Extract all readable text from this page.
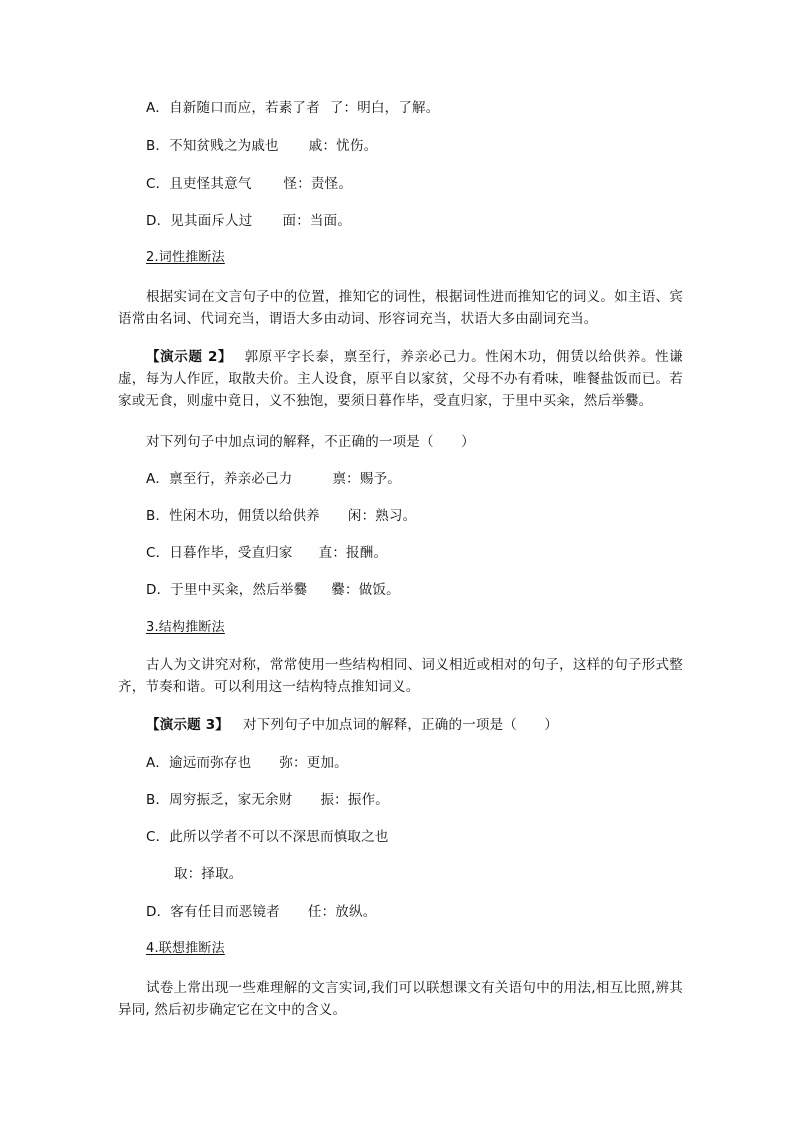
A．自新随口而应，若素了者 了：明白，了解。
B．不知贫贱之为戚也 戚：忧伤。
C．且吏怪其意气 怪：责怪。
D．见其面斥人过 面：当面。
2.词性推断法
根据实词在文言句子中的位置，推知它的词性，根据词性进而推知它的词义。如主语、宾语常由名词、代词充当，谓语大多由动词、形容词充当，状语大多由副词充当。
【演示题 2】 郭原平字长泰，禀至行，养亲必己力。性闲木功，佣赁以给供养。性谦虚，每为人作匠，取散夫价。主人设食，原平自以家贫，父母不办有肴味，唯餐盐饭而已。若家或无食，则虚中竟日，义不独饱，要须日暮作毕，受直归家，于里中买籴，然后举爨。
对下列句子中加点词的解释，不正确的一项是（　　）
A．禀至行，养亲必己力	禀：赐予。
B．性闲木功，佣赁以给供养 闲：熟习。
C．日暮作毕，受直归家 直：报酬。
D．于里中买籴，然后举爨 爨：做饭。
3.结构推断法
古人为文讲究对称，常常使用一些结构相同、词义相近或相对的句子，这样的句子形式整齐，节奏和谐。可以利用这一结构特点推知词义。
【演示题 3】 对下列句子中加点词的解释，正确的一项是（　　）
A．逾远而弥存也 弥：更加。
B．周穷振乏，家无余财 振：振作。
C．此所以学者不可以不深思而慎取之也
取：择取。
D．客有任目而恶镜者 任：放纵。
4.联想推断法
试卷上常出现一些难理解的文言实词,我们可以联想课文有关语句中的用法,相互比照,辨其异同, 然后初步确定它在文中的含义。
